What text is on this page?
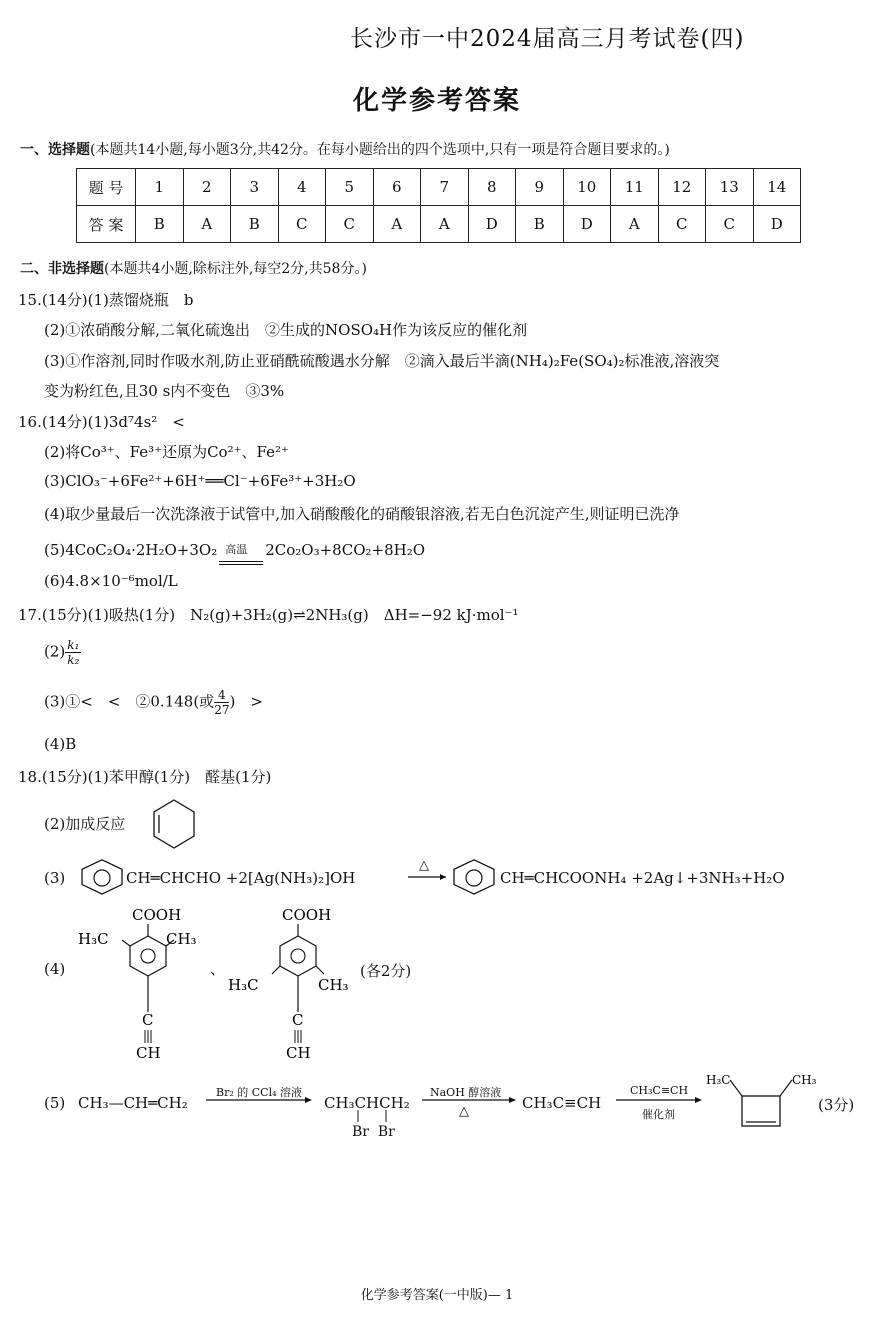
长沙市一中2024届高三月考试卷(四)
化学参考答案
一、选择题(本题共14小题,每小题3分,共42分。在每小题给出的四个选项中,只有一项是符合题目要求的。)
题 号	1	2	3	4	5	6	7	8	9	10	11	12	13	14
答 案	B	A	B	C	C	A	A	D	B	D	A	C	C	D
二、非选择题(本题共4小题,除标注外,每空2分,共58分。)
15.(14分)(1)蒸馏烧瓶　b
(2)①浓硝酸分解,二氧化硫逸出　②生成的NOSO₄H作为该反应的催化剂
(3)①作溶剂,同时作吸水剂,防止亚硝酰硫酸遇水分解　②滴入最后半滴(NH₄)₂Fe(SO₄)₂标准液,溶液突
变为粉红色,且30 s内不变色　③3%
16.(14分)(1)3d⁷4s²　<
(2)将Co³⁺、Fe³⁺还原为Co²⁺、Fe²⁺
(3)ClO₃⁻+6Fe²⁺+6H⁺══Cl⁻+6Fe³⁺+3H₂O
(4)取少量最后一次洗涤液于试管中,加入硝酸酸化的硝酸银溶液,若无白色沉淀产生,则证明已洗净
(5)4CoC₂O₄·2H₂O+3O₂ 高温 2Co₂O₃+8CO₂+8H₂O
(6)4.8×10⁻⁶mol/L
17.(15分)(1)吸热(1分)　N₂(g)+3H₂(g)⇌2NH₃(g)　ΔH=−92 kJ·mol⁻¹
$(2) \frac{\text{k₁}}{\text{k₂}}$
(3)①<　<　②0.148(或 $\frac{4}{27}$ )　>
(4)B
18.(15分)(1)苯甲醇(1分)　醛基(1分)
(2)加成反应
(3)	CH═CHCHO +2[Ag(NH₃)₂]OH
△
CH═CHCOONH₄ +2Ag↓+3NH₃+H₂O
(4)
COOH
H₃C	CH₃
C
CH
、
COOH
H₃C	CH₃
C
CH
(各2分)
(5) CH₃—CH═CH₂
Br₂ 的 CCl₄ 溶液
CH₃CHCH₂
Br  Br
NaOH 醇溶液
△	CH₃C≡CH
CH₃C≡CH
催化剂
H₃C	CH₃
(3分)
化学参考答案(一中版)— 1
